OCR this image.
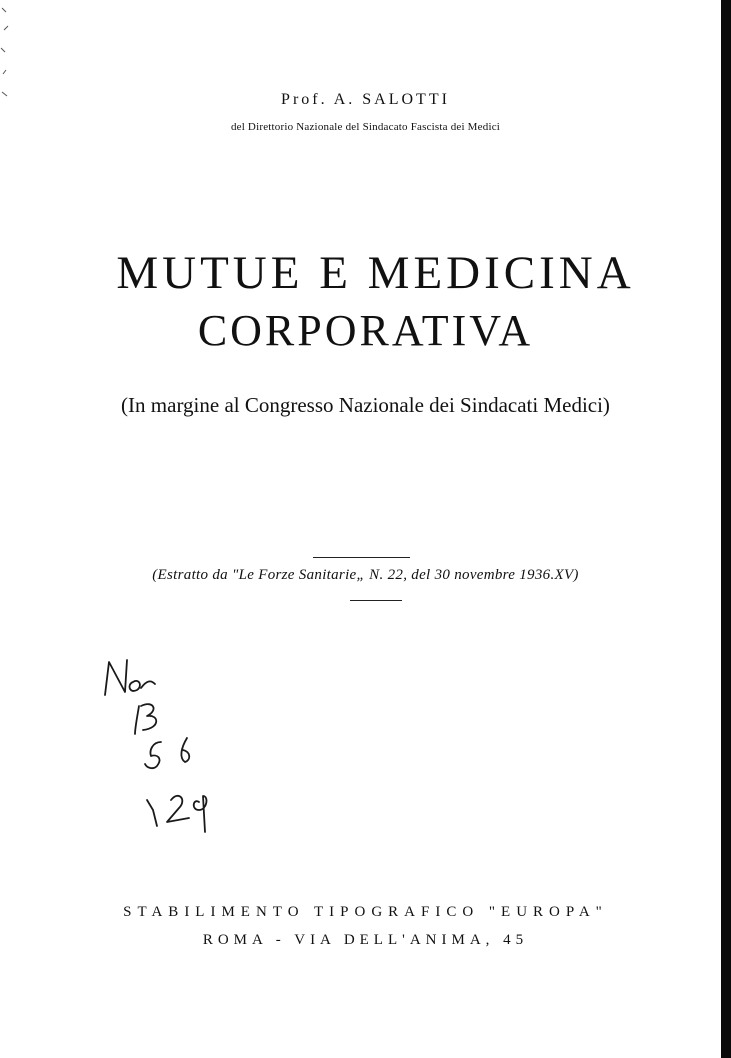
Prof. A. SALOTTI
del Direttorio Nazionale del Sindacato Fascista dei Medici
MUTUE E MEDICINA
CORPORATIVA
(In margine al Congresso Nazionale dei Sindacati Medici)
(Estratto da "Le Forze Sanitarie„ N. 22, del 30 novembre 1936.XV)
STABILIMENTO TIPOGRAFICO "EUROPA"
ROMA - VIA DELL'ANIMA, 45
